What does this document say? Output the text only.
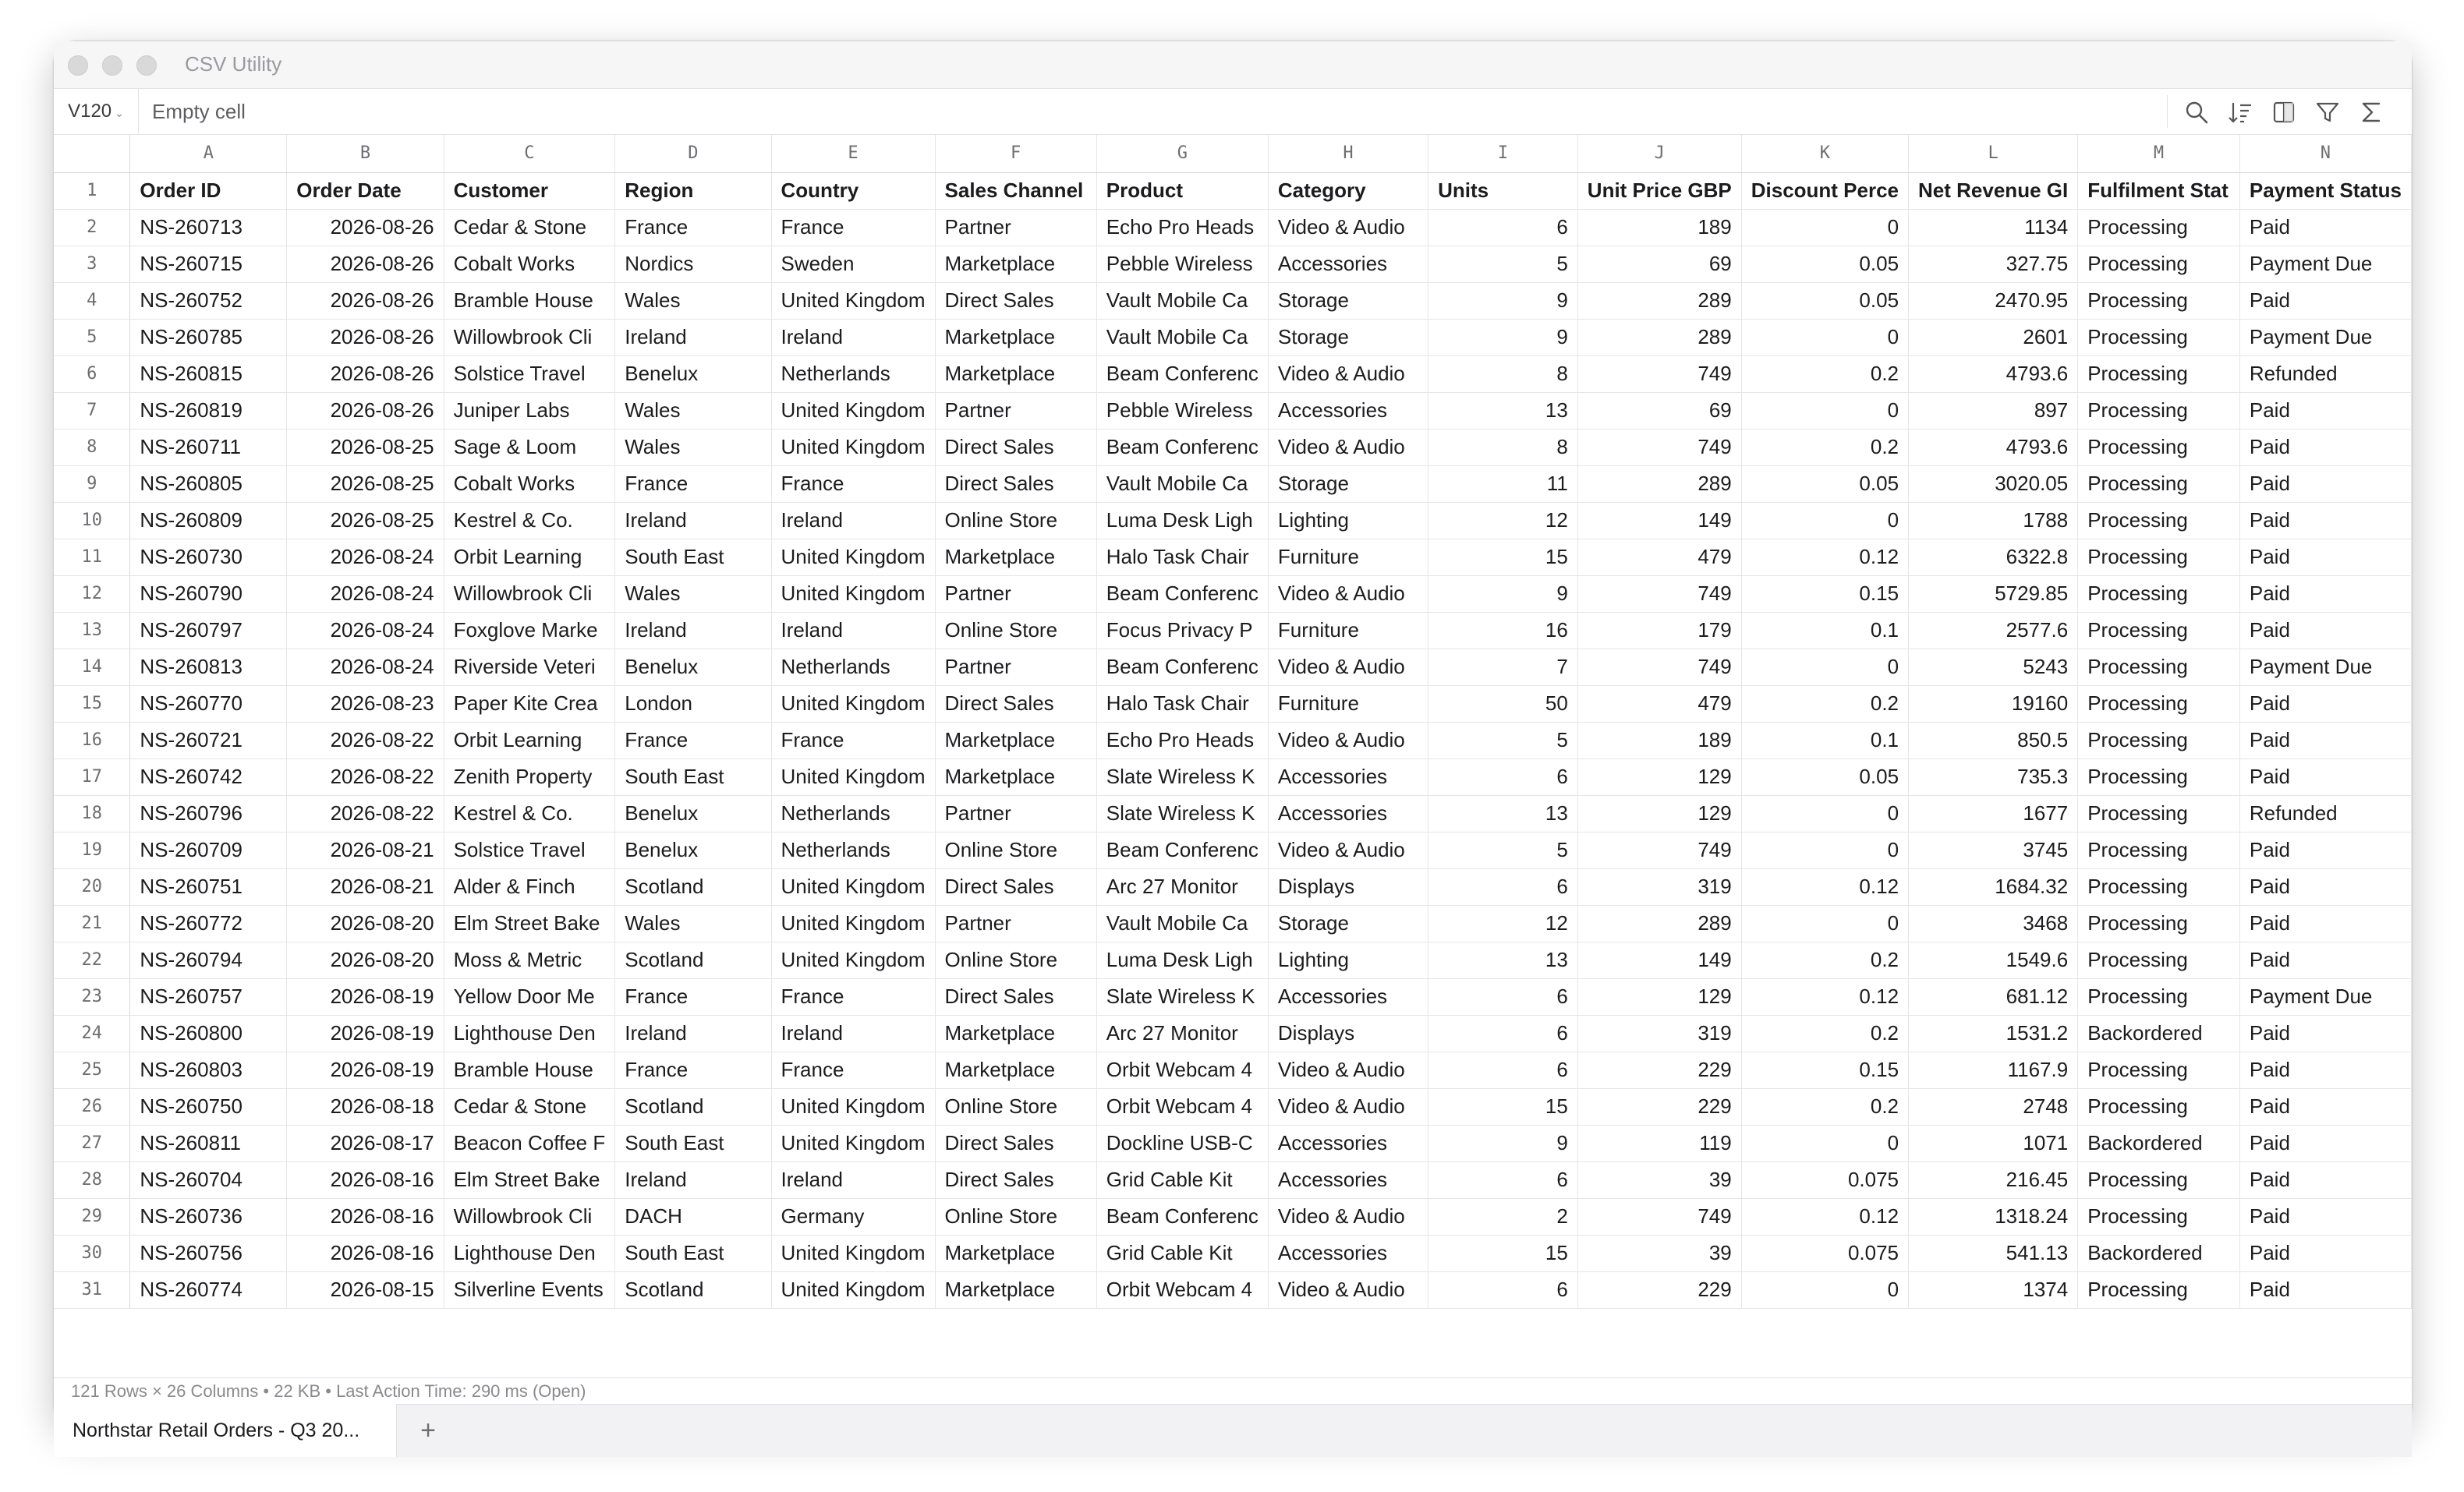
CSV Utility
V120 ⌄	Empty cell
	A	B	C	D	E	F	G	H	I	J	K	L	M	N
1	Order ID	Order Date	Customer	Region	Country	Sales Channel	Product	Category	Units	Unit Price GBP	Discount Perce	Net Revenue GI	Fulfilment Stat	Payment Status
2	NS-260713	2026-08-26	Cedar & Stone	France	France	Partner	Echo Pro Heads	Video & Audio	6	189	0	1134	Processing	Paid
3	NS-260715	2026-08-26	Cobalt Works	Nordics	Sweden	Marketplace	Pebble Wireless	Accessories	5	69	0.05	327.75	Processing	Payment Due
4	NS-260752	2026-08-26	Bramble House	Wales	United Kingdom	Direct Sales	Vault Mobile Ca	Storage	9	289	0.05	2470.95	Processing	Paid
5	NS-260785	2026-08-26	Willowbrook Cli	Ireland	Ireland	Marketplace	Vault Mobile Ca	Storage	9	289	0	2601	Processing	Payment Due
6	NS-260815	2026-08-26	Solstice Travel	Benelux	Netherlands	Marketplace	Beam Conferenc	Video & Audio	8	749	0.2	4793.6	Processing	Refunded
7	NS-260819	2026-08-26	Juniper Labs	Wales	United Kingdom	Partner	Pebble Wireless	Accessories	13	69	0	897	Processing	Paid
8	NS-260711	2026-08-25	Sage & Loom	Wales	United Kingdom	Direct Sales	Beam Conferenc	Video & Audio	8	749	0.2	4793.6	Processing	Paid
9	NS-260805	2026-08-25	Cobalt Works	France	France	Direct Sales	Vault Mobile Ca	Storage	11	289	0.05	3020.05	Processing	Paid
10	NS-260809	2026-08-25	Kestrel & Co.	Ireland	Ireland	Online Store	Luma Desk Ligh	Lighting	12	149	0	1788	Processing	Paid
11	NS-260730	2026-08-24	Orbit Learning	South East	United Kingdom	Marketplace	Halo Task Chair	Furniture	15	479	0.12	6322.8	Processing	Paid
12	NS-260790	2026-08-24	Willowbrook Cli	Wales	United Kingdom	Partner	Beam Conferenc	Video & Audio	9	749	0.15	5729.85	Processing	Paid
13	NS-260797	2026-08-24	Foxglove Marke	Ireland	Ireland	Online Store	Focus Privacy P	Furniture	16	179	0.1	2577.6	Processing	Paid
14	NS-260813	2026-08-24	Riverside Veteri	Benelux	Netherlands	Partner	Beam Conferenc	Video & Audio	7	749	0	5243	Processing	Payment Due
15	NS-260770	2026-08-23	Paper Kite Crea	London	United Kingdom	Direct Sales	Halo Task Chair	Furniture	50	479	0.2	19160	Processing	Paid
16	NS-260721	2026-08-22	Orbit Learning	France	France	Marketplace	Echo Pro Heads	Video & Audio	5	189	0.1	850.5	Processing	Paid
17	NS-260742	2026-08-22	Zenith Property	South East	United Kingdom	Marketplace	Slate Wireless K	Accessories	6	129	0.05	735.3	Processing	Paid
18	NS-260796	2026-08-22	Kestrel & Co.	Benelux	Netherlands	Partner	Slate Wireless K	Accessories	13	129	0	1677	Processing	Refunded
19	NS-260709	2026-08-21	Solstice Travel	Benelux	Netherlands	Online Store	Beam Conferenc	Video & Audio	5	749	0	3745	Processing	Paid
20	NS-260751	2026-08-21	Alder & Finch	Scotland	United Kingdom	Direct Sales	Arc 27 Monitor	Displays	6	319	0.12	1684.32	Processing	Paid
21	NS-260772	2026-08-20	Elm Street Bake	Wales	United Kingdom	Partner	Vault Mobile Ca	Storage	12	289	0	3468	Processing	Paid
22	NS-260794	2026-08-20	Moss & Metric	Scotland	United Kingdom	Online Store	Luma Desk Ligh	Lighting	13	149	0.2	1549.6	Processing	Paid
23	NS-260757	2026-08-19	Yellow Door Me	France	France	Direct Sales	Slate Wireless K	Accessories	6	129	0.12	681.12	Processing	Payment Due
24	NS-260800	2026-08-19	Lighthouse Den	Ireland	Ireland	Marketplace	Arc 27 Monitor	Displays	6	319	0.2	1531.2	Backordered	Paid
25	NS-260803	2026-08-19	Bramble House	France	France	Marketplace	Orbit Webcam 4	Video & Audio	6	229	0.15	1167.9	Processing	Paid
26	NS-260750	2026-08-18	Cedar & Stone	Scotland	United Kingdom	Online Store	Orbit Webcam 4	Video & Audio	15	229	0.2	2748	Processing	Paid
27	NS-260811	2026-08-17	Beacon Coffee F	South East	United Kingdom	Direct Sales	Dockline USB-C	Accessories	9	119	0	1071	Backordered	Paid
28	NS-260704	2026-08-16	Elm Street Bake	Ireland	Ireland	Direct Sales	Grid Cable Kit	Accessories	6	39	0.075	216.45	Processing	Paid
29	NS-260736	2026-08-16	Willowbrook Cli	DACH	Germany	Online Store	Beam Conferenc	Video & Audio	2	749	0.12	1318.24	Processing	Paid
30	NS-260756	2026-08-16	Lighthouse Den	South East	United Kingdom	Marketplace	Grid Cable Kit	Accessories	15	39	0.075	541.13	Backordered	Paid
31	NS-260774	2026-08-15	Silverline Events	Scotland	United Kingdom	Marketplace	Orbit Webcam 4	Video & Audio	6	229	0	1374	Processing	Paid
121 Rows × 26 Columns • 22 KB • Last Action Time: 290 ms (Open)
Northstar Retail Orders - Q3 20...	+
